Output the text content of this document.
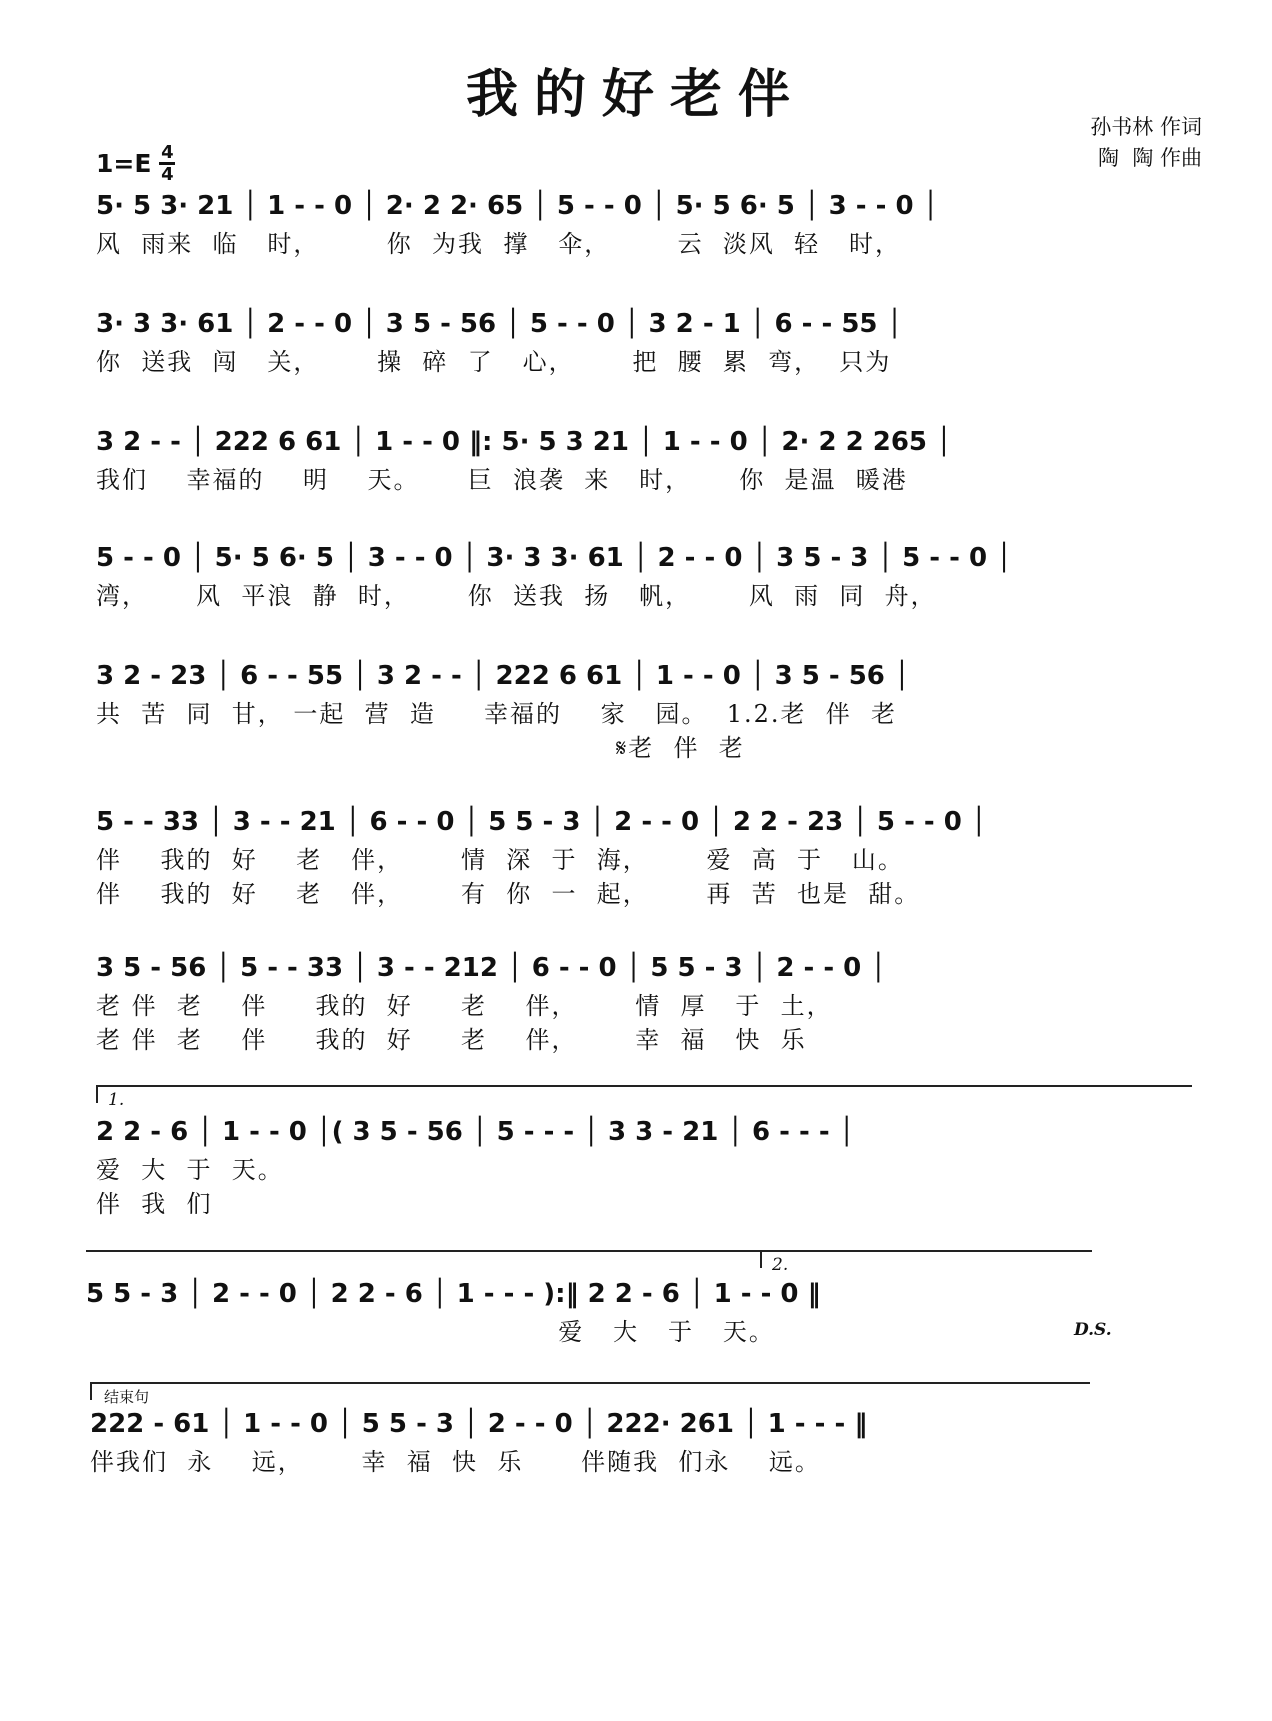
我的好老伴
孙书林 作词
陶  陶 作曲
1=E 4
4
5· 5 3· 21 │ 1 - - 0 │ 2· 2 2· 65 │ 5 - - 0 │ 5· 5 6· 5 │ 3 - - 0 │
风  雨来  临   时，       你  为我  撑   伞，       云  淡风  轻   时，
3· 3 3· 61 │ 2 - - 0 │ 3 5 - 56 │ 5 - - 0 │ 3 2 - 1 │ 6 - - 55 │
你  送我  闯   关，      操  碎  了   心，      把  腰  累  弯，  只为
3 2 - - │ 222 6 61 │ 1 - - 0 ‖: 5· 5 3 21 │ 1 - - 0 │ 2· 2 2 265 │
我们    幸福的    明    天。     巨  浪袭  来   时，     你  是温  暖港
5 - - 0 │ 5· 5 6· 5 │ 3 - - 0 │ 3· 3 3· 61 │ 2 - - 0 │ 3 5 - 3 │ 5 - - 0 │
湾，     风  平浪  静  时，      你  送我  扬   帆，      风  雨  同  舟，
3 2 - 23 │ 6 - - 55 │ 3 2 - - │ 222 6 61 │ 1 - - 0 │ 3 5 - 56 │
共  苦  同  甘， 一起  营  造     幸福的    家   园。  1.2.老  伴  老
𝄋老  伴  老
5 - - 33 │ 3 - - 21 │ 6 - - 0 │ 5 5 - 3 │ 2 - - 0 │ 2 2 - 23 │ 5 - - 0 │
伴    我的  好    老   伴，      情  深  于  海，      爱  高  于   山。
伴    我的  好    老   伴，      有  你  一  起，      再  苦  也是  甜。
3 5 - 56 │ 5 - - 33 │ 3 - - 212 │ 6 - - 0 │ 5 5 - 3 │ 2 - - 0 │
老 伴  老    伴     我的  好     老    伴，      情  厚   于  土，
老 伴  老    伴     我的  好     老    伴，      幸  福   快  乐
1.
2 2 - 6 │ 1 - - 0 │( 3 5 - 56 │ 5 - - - │ 3 3 - 21 │ 6 - - - │
爱  大  于  天。
伴  我  们
2.
5 5 - 3 │ 2 - - 0 │ 2 2 - 6 │ 1 - - - ):‖ 2 2 - 6 │ 1 - - 0 ‖
爱   大   于   天。	D.S.
结束句
222 - 61 │ 1 - - 0 │ 5 5 - 3 │ 2 - - 0 │ 222· 261 │ 1 - - - ‖
伴我们  永    远，      幸  福  快  乐      伴随我  们永    远。
